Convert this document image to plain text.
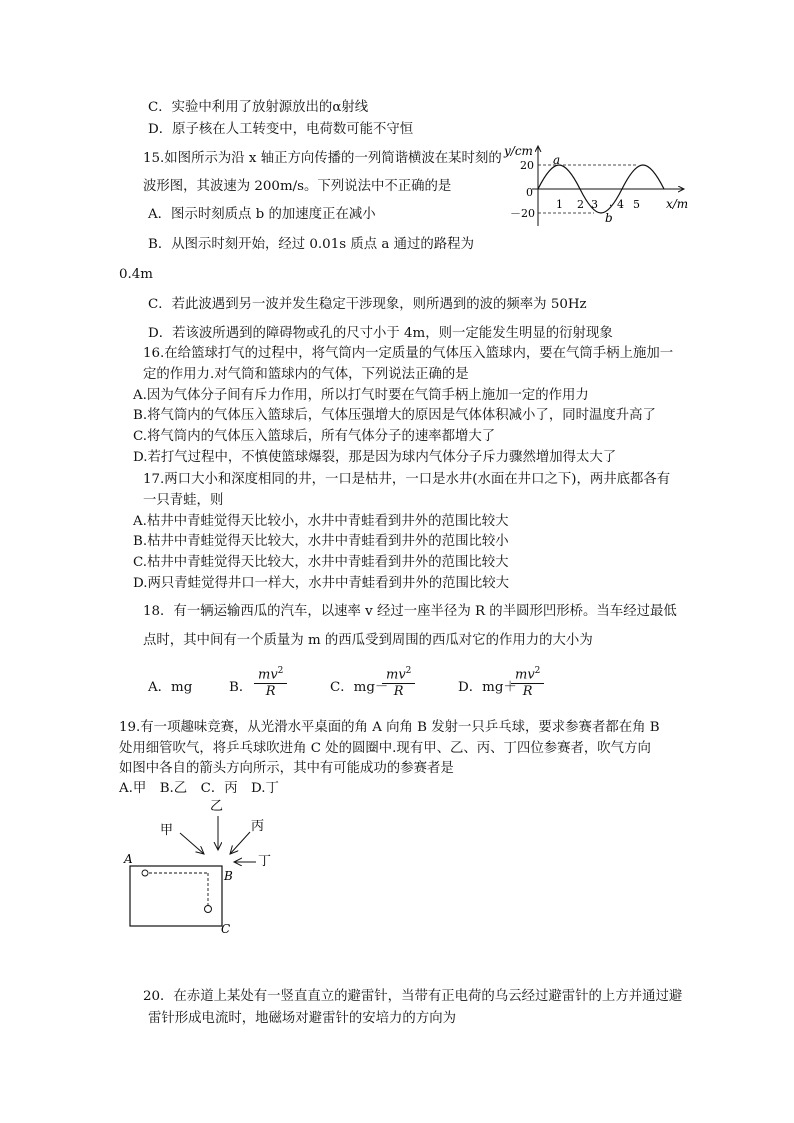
C．实验中利用了放射源放出的α射线
D．原子核在人工转变中，电荷数可能不守恒
15.如图所示为沿 x 轴正方向传播的一列简谐横波在某时刻的
波形图，其波速为 200m/s。下列说法中不正确的是
A．图示时刻质点 b 的加速度正在减小
B．从图示时刻开始，经过 0.01s 质点 a 通过的路程为
0.4m
C．若此波遇到另一波并发生稳定干涉现象，则所遇到的波的频率为 50Hz
D．若该波所遇到的障碍物或孔的尺寸小于 4m，则一定能发生明显的衍射现象
y/cm
20
－20
0
1 2 3 4 5
·	x/m
a
b
16.在给篮球打气的过程中，将气筒内一定质量的气体压入篮球内，要在气筒手柄上施加一
定的作用力.对气筒和篮球内的气体，下列说法正确的是
A.因为气体分子间有斥力作用，所以打气时要在气筒手柄上施加一定的作用力
B.将气筒内的气体压入篮球后，气体压强增大的原因是气体体积减小了，同时温度升高了
C.将气筒内的气体压入篮球后，所有气体分子的速率都增大了
D.若打气过程中，不慎使篮球爆裂，那是因为球内气体分子斥力骤然增加得太大了
17.两口大小和深度相同的井，一口是枯井，一口是水井(水面在井口之下)，两井底都各有
一只青蛙，则
A.枯井中青蛙觉得天比较小，水井中青蛙看到井外的范围比较大
B.枯井中青蛙觉得天比较大，水井中青蛙看到井外的范围比较小
C.枯井中青蛙觉得天比较大，水井中青蛙看到井外的范围比较大
D.两只青蛙觉得井口一样大，水井中青蛙看到井外的范围比较大
18．有一辆运输西瓜的汽车，以速率 v 经过一座半径为 R 的半圆形凹形桥。当车经过最低
点时，其中间有一个质量为 m 的西瓜受到周围的西瓜对它的作用力的大小为
A．mg	B． $\frac{mv^2}{R}$	C．mg－
$\frac{mv^2}{R}$	D．mg＋
$\frac{mv^2}{R}$
19.有一项趣味竞赛，从光滑水平桌面的角 A 向角 B 发射一只乒乓球，要求参赛者都在角 B
处用细管吹气，将乒乓球吹进角 C 处的圆圈中.现有甲、乙、丙、丁四位参赛者，吹气方向
如图中各自的箭头方向所示，其中有可能成功的参赛者是
A.甲　B.乙　C．丙　D.丁
A
B
C
甲
乙
丙
丁
20．在赤道上某处有一竖直直立的避雷针，当带有正电荷的乌云经过避雷针的上方并通过避
雷针形成电流时，地磁场对避雷针的安培力的方向为
